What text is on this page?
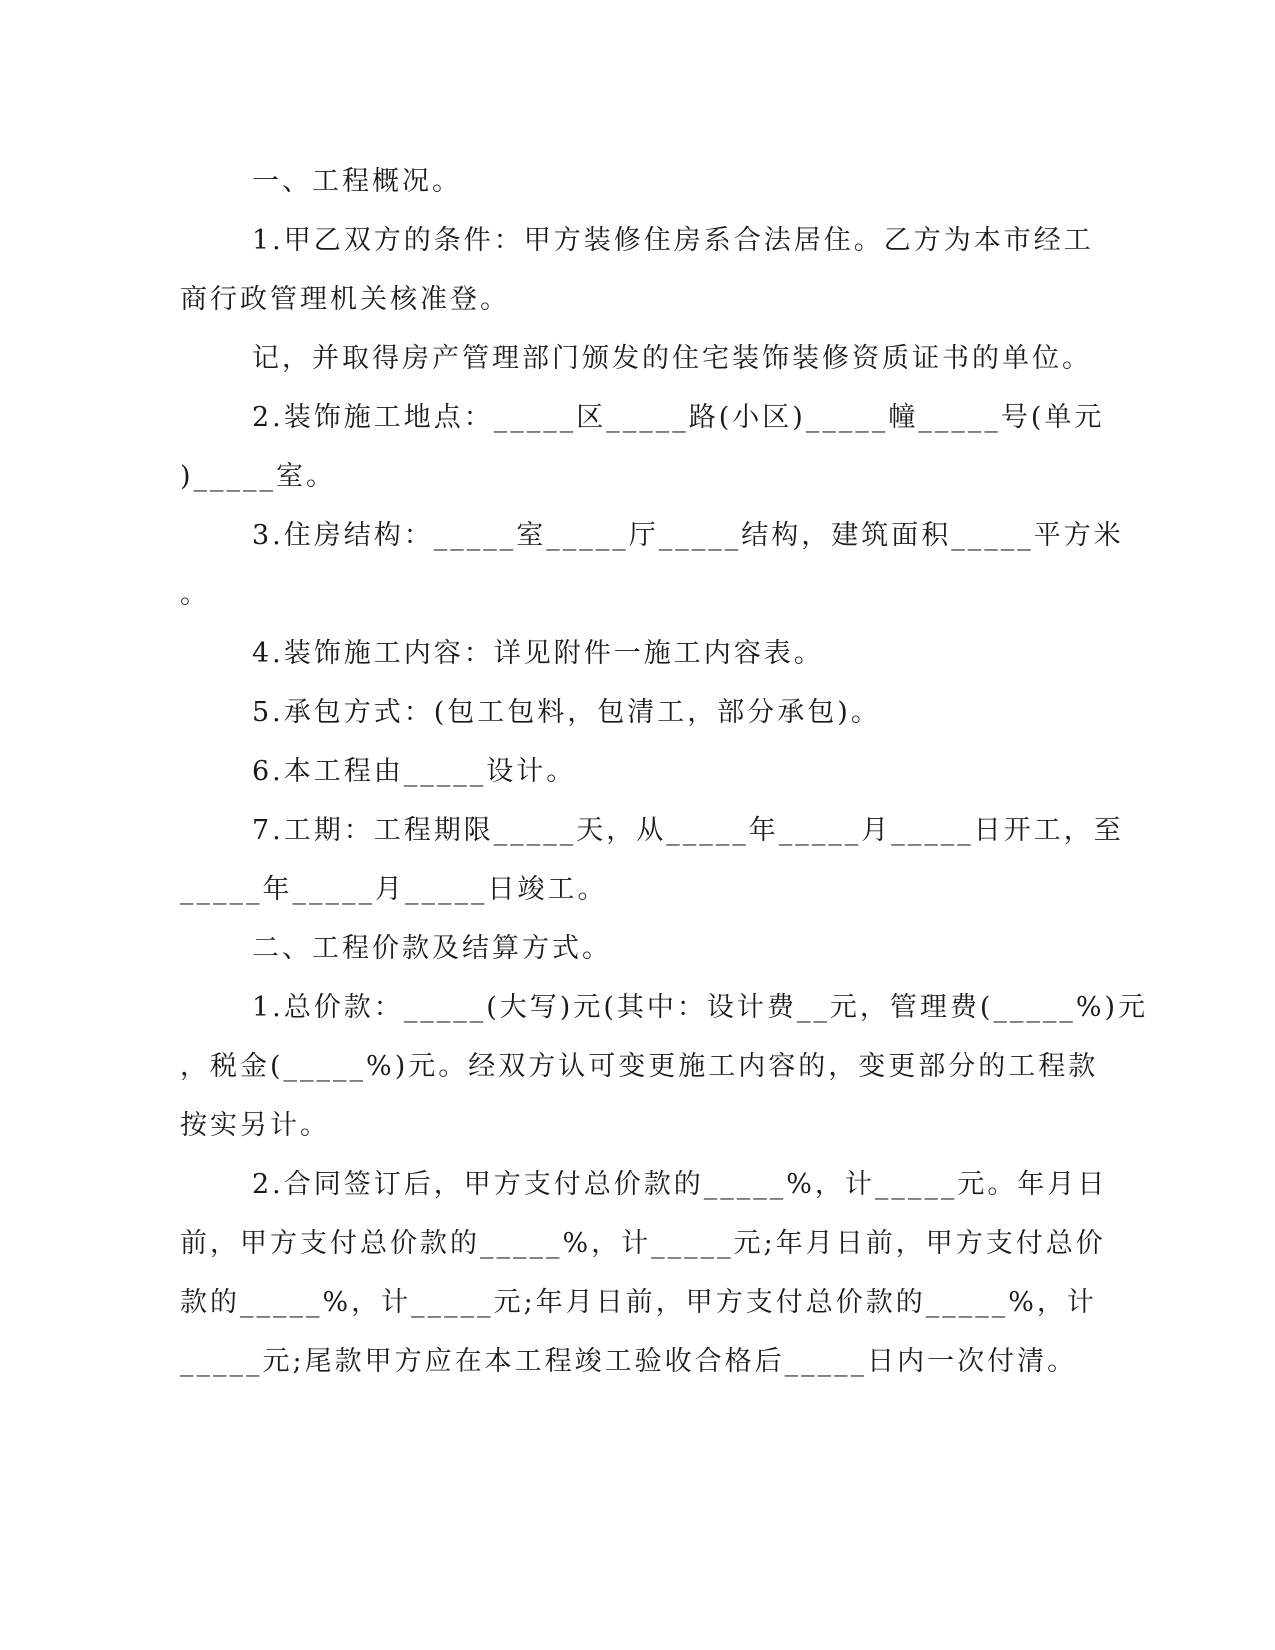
一、工程概况。
1.甲乙双方的条件：甲方装修住房系合法居住。乙方为本市经工
商行政管理机关核准登。
记，并取得房产管理部门颁发的住宅装饰装修资质证书的单位。
2.装饰施工地点：_____区_____路(小区)_____幢_____号(单元
)_____室。
3.住房结构：_____室_____厅_____结构，建筑面积_____平方米
。
4.装饰施工内容：详见附件一施工内容表。
5.承包方式：(包工包料，包清工，部分承包)。
6.本工程由_____设计。
7.工期：工程期限_____天，从_____年_____月_____日开工，至
_____年_____月_____日竣工。
二、工程价款及结算方式。
1.总价款：_____(大写)元(其中：设计费__元，管理费(_____%)元
，税金(_____%)元。经双方认可变更施工内容的，变更部分的工程款
按实另计。
2.合同签订后，甲方支付总价款的_____%，计_____元。年月日
前，甲方支付总价款的_____%，计_____元;年月日前，甲方支付总价
款的_____%，计_____元;年月日前，甲方支付总价款的_____%，计
_____元;尾款甲方应在本工程竣工验收合格后_____日内一次付清。
